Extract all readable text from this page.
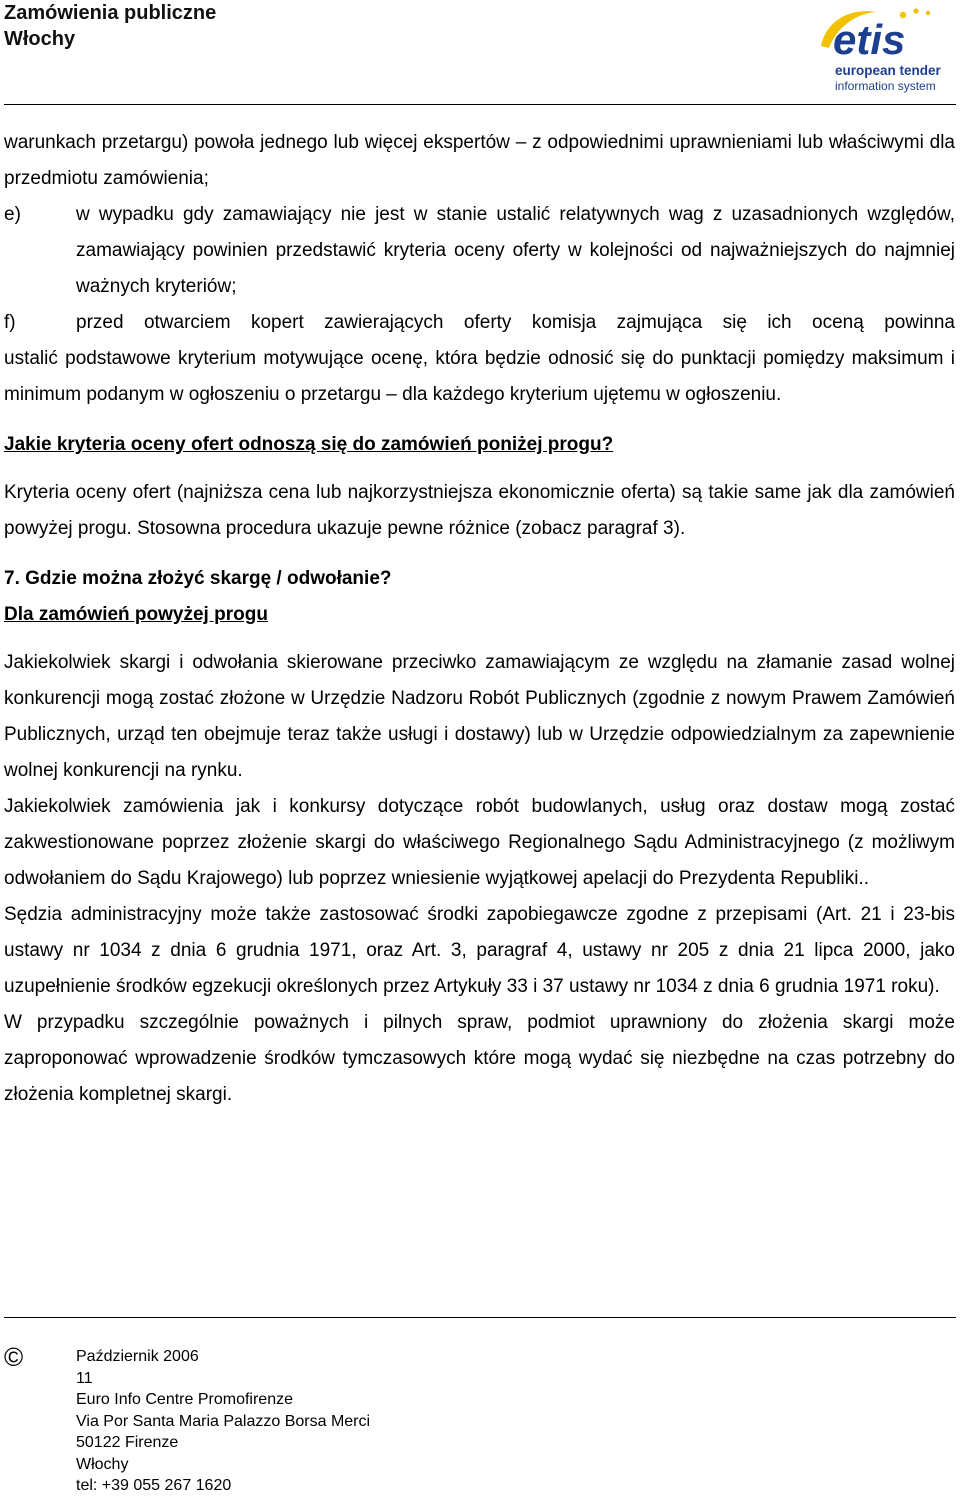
Zamówienia publiczne
Włochy	etis
european tender
information system

warunkach przetargu) powoła jednego lub więcej ekspertów – z odpowiednimi uprawnieniami lub właściwymi dla przedmiotu zamówienia;

e)	w wypadku gdy zamawiający nie jest w stanie ustalić relatywnych wag z uzasadnionych względów, zamawiający powinien przedstawić kryteria oceny oferty w kolejności od najważniejszych do najmniej ważnych kryteriów;
f)	przed otwarciem kopert zawierających oferty komisja zajmująca się ich oceną powinna

ustalić podstawowe kryterium motywujące ocenę, która będzie odnosić się do punktacji pomiędzy maksimum i minimum podanym w ogłoszeniu o przetargu – dla każdego kryterium ujętemu w ogłoszeniu.

Jakie kryteria oceny ofert odnoszą się do zamówień poniżej progu?

Kryteria oceny ofert (najniższa cena lub najkorzystniejsza ekonomicznie oferta) są takie same jak dla zamówień powyżej progu. Stosowna procedura ukazuje pewne różnice (zobacz paragraf 3).

7. Gdzie można złożyć skargę / odwołanie?
Dla zamówień powyżej progu

Jakiekolwiek skargi i odwołania skierowane przeciwko zamawiającym ze względu na złamanie zasad wolnej konkurencji mogą zostać złożone w Urzędzie Nadzoru Robót Publicznych (zgodnie z nowym Prawem Zamówień Publicznych, urząd ten obejmuje teraz także usługi i dostawy) lub w Urzędzie odpowiedzialnym za zapewnienie wolnej konkurencji na rynku.

Jakiekolwiek zamówienia jak i konkursy dotyczące robót budowlanych, usług oraz dostaw mogą zostać zakwestionowane poprzez złożenie skargi do właściwego Regionalnego Sądu Administracyjnego (z możliwym odwołaniem do Sądu Krajowego) lub poprzez wniesienie wyjątkowej apelacji do Prezydenta Republiki..

Sędzia administracyjny może także zastosować środki zapobiegawcze zgodne z przepisami (Art. 21 i 23-bis ustawy nr 1034 z dnia 6 grudnia 1971, oraz Art. 3, paragraf 4, ustawy nr 205 z dnia 21 lipca 2000, jako uzupełnienie środków egzekucji określonych przez Artykuły 33 i 37 ustawy nr 1034 z dnia 6 grudnia 1971 roku).

W przypadku szczególnie poważnych i pilnych spraw, podmiot uprawniony do złożenia skargi może zaproponować wprowadzenie środków tymczasowych które mogą wydać się niezbędne na czas potrzebny do złożenia kompletnej skargi.

©	Październik 2006
11
Euro Info Centre Promofirenze
Via Por Santa Maria Palazzo Borsa Merci
50122 Firenze
Włochy
tel: +39 055 267 1620
